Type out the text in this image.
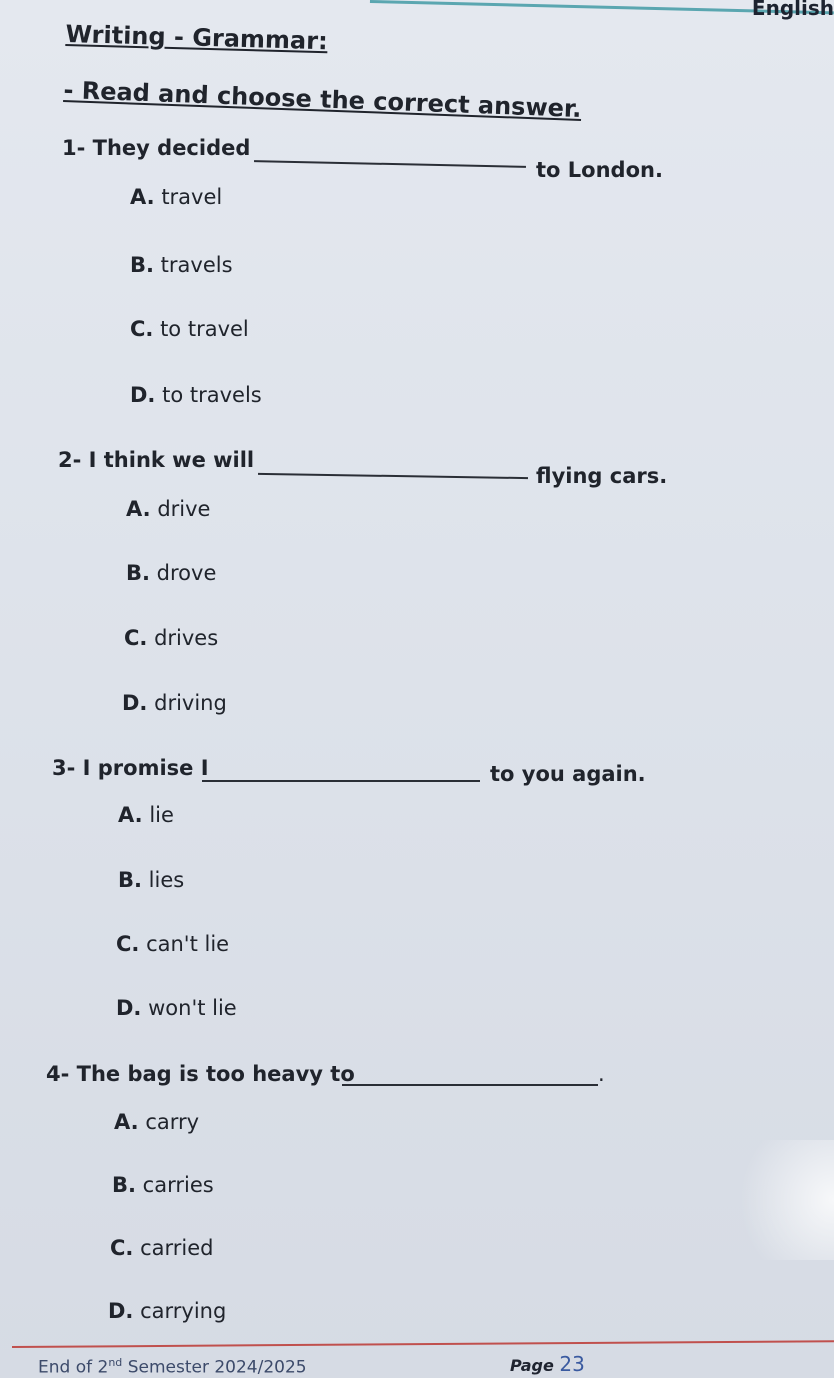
English
Writing - Grammar:
- Read and choose the correct answer.
1- They decided
to London.
A. travel
B. travels
C. to travel
D. to travels
2- I think we will
flying cars.
A. drive
B. drove
C. drives
D. driving
3- I promise I	to you again.
A. lie
B. lies
C. can't lie
D. won't lie
4- The bag is too heavy to	.
A. carry
B. carries
C. carried
D. carrying
End of 2nd Semester 2024/2025	Page 23
